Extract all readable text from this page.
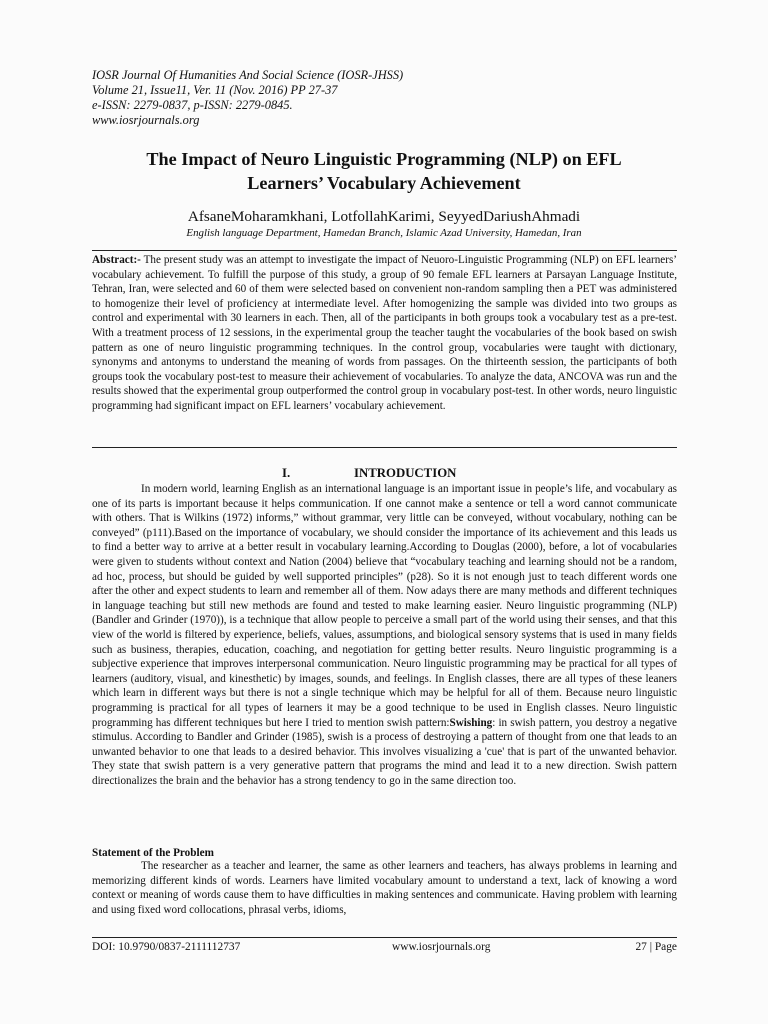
IOSR Journal Of Humanities And Social Science (IOSR-JHSS)
Volume 21, Issue11, Ver. 11 (Nov. 2016) PP 27-37
e-ISSN: 2279-0837, p-ISSN: 2279-0845.
www.iosrjournals.org
The Impact of Neuro Linguistic Programming (NLP) on EFL
Learners’ Vocabulary Achievement
AfsaneMoharamkhani, LotfollahKarimi, SeyyedDariushAhmadi
English language Department, Hamedan Branch, Islamic Azad University, Hamedan, Iran
Abstract:- The present study was an attempt to investigate the impact of Neuoro-Linguistic Programming (NLP) on EFL learners’ vocabulary achievement. To fulfill the purpose of this study, a group of 90 female EFL learners at Parsayan Language Institute, Tehran, Iran, were selected and 60 of them were selected based on convenient non-random sampling then a PET was administered to homogenize their level of proficiency at intermediate level. After homogenizing the sample was divided into two groups as control and experimental with 30 learners in each. Then, all of the participants in both groups took a vocabulary test as a pre-test. With a treatment process of 12 sessions, in the experimental group the teacher taught the vocabularies of the book based on swish pattern as one of neuro linguistic programming techniques. In the control group, vocabularies were taught with dictionary, synonyms and antonyms to understand the meaning of words from passages. On the thirteenth session, the participants of both groups took the vocabulary post-test to measure their achievement of vocabularies. To analyze the data, ANCOVA was run and the results showed that the experimental group outperformed the control group in vocabulary post-test. In other words, neuro linguistic programming had significant impact on EFL learners’ vocabulary achievement.
I.	INTRODUCTION

In modern world, learning English as an international language is an important issue in people’s life, and vocabulary as one of its parts is important because it helps communication. If one cannot make a sentence or tell a word cannot communicate with others. That is Wilkins (1972) informs,” without grammar, very little can be conveyed, without vocabulary, nothing can be conveyed” (p111).Based on the importance of vocabulary, we should consider the importance of its achievement and this leads us to find a better way to arrive at a better result in vocabulary learning.According to Douglas (2000), before, a lot of vocabularies were given to students without context and Nation (2004) believe that “vocabulary teaching and learning should not be a random, ad hoc, process, but should be guided by well supported principles” (p28). So it is not enough just to teach different words one after the other and expect students to learn and remember all of them. Now adays there are many methods and different techniques in language teaching but still new methods are found and tested to make learning easier. Neuro linguistic programming (NLP) (Bandler and Grinder (1970)), is a technique that allow people to perceive a small part of the world using their senses, and that this view of the world is filtered by experience, beliefs, values, assumptions, and biological sensory systems that is used in many fields such as business, therapies, education, coaching, and negotiation for getting better results. Neuro linguistic programming is a subjective experience that improves interpersonal communication. Neuro linguistic programming may be practical for all types of learners (auditory, visual, and kinesthetic) by images, sounds, and feelings. In English classes, there are all types of these leaners which learn in different ways but there is not a single technique which may be helpful for all of them. Because neuro linguistic programming is practical for all types of learners it may be a good technique to be used in English classes. Neuro linguistic programming has different techniques but here I tried to mention swish pattern:Swishing: in swish pattern, you destroy a negative stimulus. According to Bandler and Grinder (1985), swish is a process of destroying a pattern of thought from one that leads to an unwanted behavior to one that leads to a desired behavior. This involves visualizing a 'cue' that is part of the unwanted behavior. They state that swish pattern is a very generative pattern that programs the mind and lead it to a new direction. Swish pattern directionalizes the brain and the behavior has a strong tendency to go in the same direction too.

Statement of the Problem

The researcher as a teacher and learner, the same as other learners and teachers, has always problems in learning and memorizing different kinds of words. Learners have limited vocabulary amount to understand a text, lack of knowing a word context or meaning of words cause them to have difficulties in making sentences and communicate. Having problem with learning and using fixed word collocations, phrasal verbs, idioms,

DOI: 10.9790/0837-2111112737	www.iosrjournals.org	27 | Page
